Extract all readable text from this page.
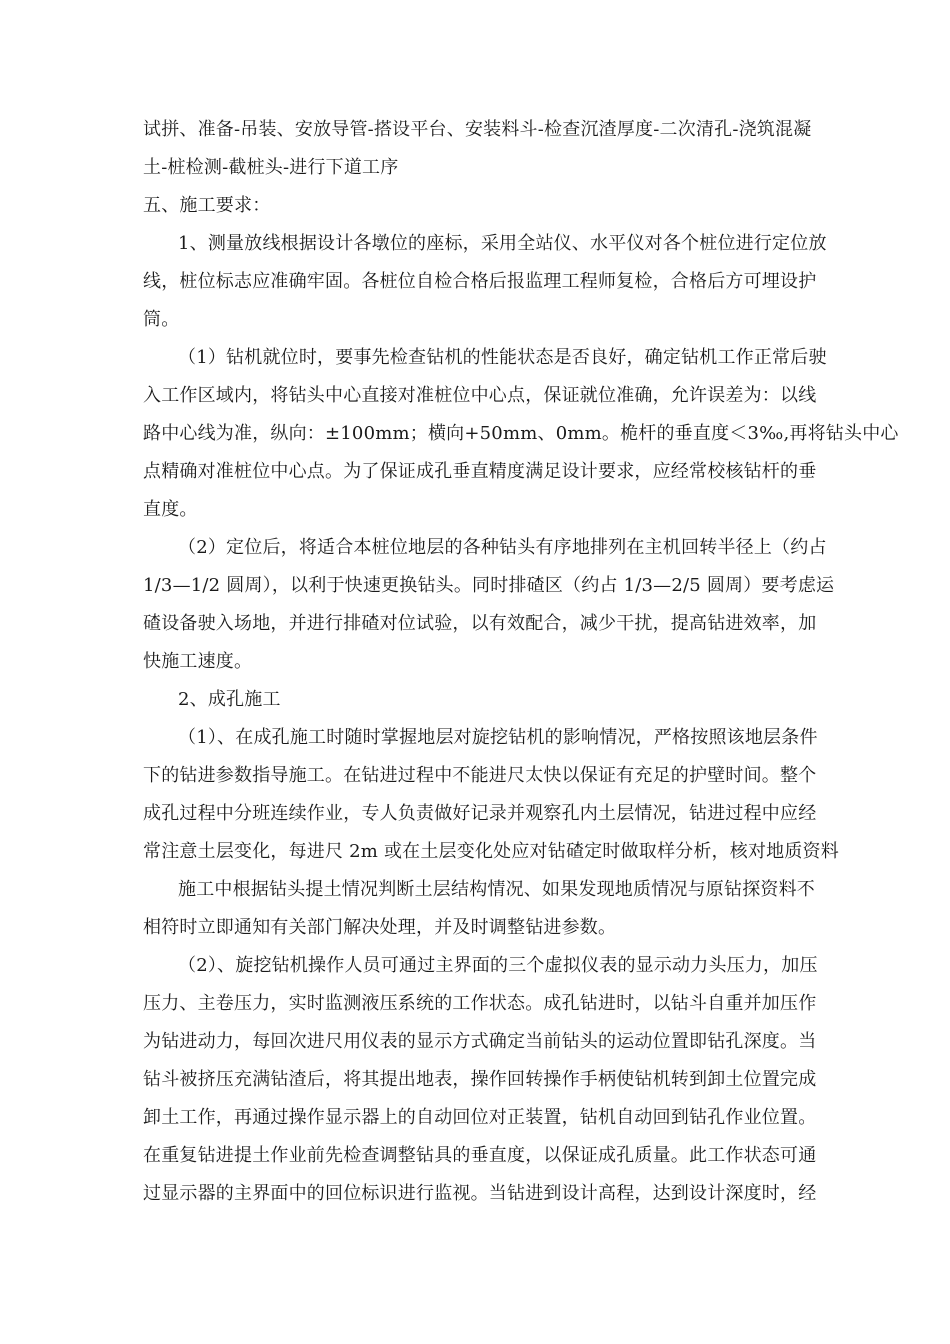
试拼、准备-吊装、安放导管-搭设平台、安装料斗-检查沉渣厚度-二次清孔-浇筑混凝
土-桩检测-截桩头-进行下道工序
五、施工要求：
1、测量放线根据设计各墩位的座标，采用全站仪、水平仪对各个桩位进行定位放
线，桩位标志应准确牢固。各桩位自检合格后报监理工程师复检，合格后方可埋设护
筒。
（1）钻机就位时，要事先检查钻机的性能状态是否良好，确定钻机工作正常后驶
入工作区域内，将钻头中心直接对准桩位中心点，保证就位准确，允许误差为：以线
路中心线为准，纵向：±100mm；横向+50mm、0mm。桅杆的垂直度＜3‰,再将钻头中心
点精确对准桩位中心点。为了保证成孔垂直精度满足设计要求，应经常校核钻杆的垂
直度。
（2）定位后，将适合本桩位地层的各种钻头有序地排列在主机回转半径上（约占
1/3—1/2 圆周），以利于快速更换钻头。同时排碴区（约占 1/3—2/5 圆周）要考虑运
碴设备驶入场地，并进行排碴对位试验，以有效配合，减少干扰，提高钻进效率，加
快施工速度。
2、成孔施工
（1）、在成孔施工时随时掌握地层对旋挖钻机的影响情况，严格按照该地层条件
下的钻进参数指导施工。在钻进过程中不能进尺太快以保证有充足的护壁时间。整个
成孔过程中分班连续作业，专人负责做好记录并观察孔内土层情况，钻进过程中应经
常注意土层变化，每进尺 2m 或在土层变化处应对钻碴定时做取样分析，核对地质资料
施工中根据钻头提土情况判断土层结构情况、如果发现地质情况与原钻探资料不
相符时立即通知有关部门解决处理，并及时调整钻进参数。
（2）、旋挖钻机操作人员可通过主界面的三个虚拟仪表的显示动力头压力，加压
压力、主卷压力，实时监测液压系统的工作状态。成孔钻进时，以钻斗自重并加压作
为钻进动力，每回次进尺用仪表的显示方式确定当前钻头的运动位置即钻孔深度。当
钻斗被挤压充满钻渣后，将其提出地表，操作回转操作手柄使钻机转到卸土位置完成
卸土工作，再通过操作显示器上的自动回位对正装置，钻机自动回到钻孔作业位置。
在重复钻进提土作业前先检查调整钻具的垂直度，以保证成孔质量。此工作状态可通
过显示器的主界面中的回位标识进行监视。当钻进到设计高程，达到设计深度时，经
